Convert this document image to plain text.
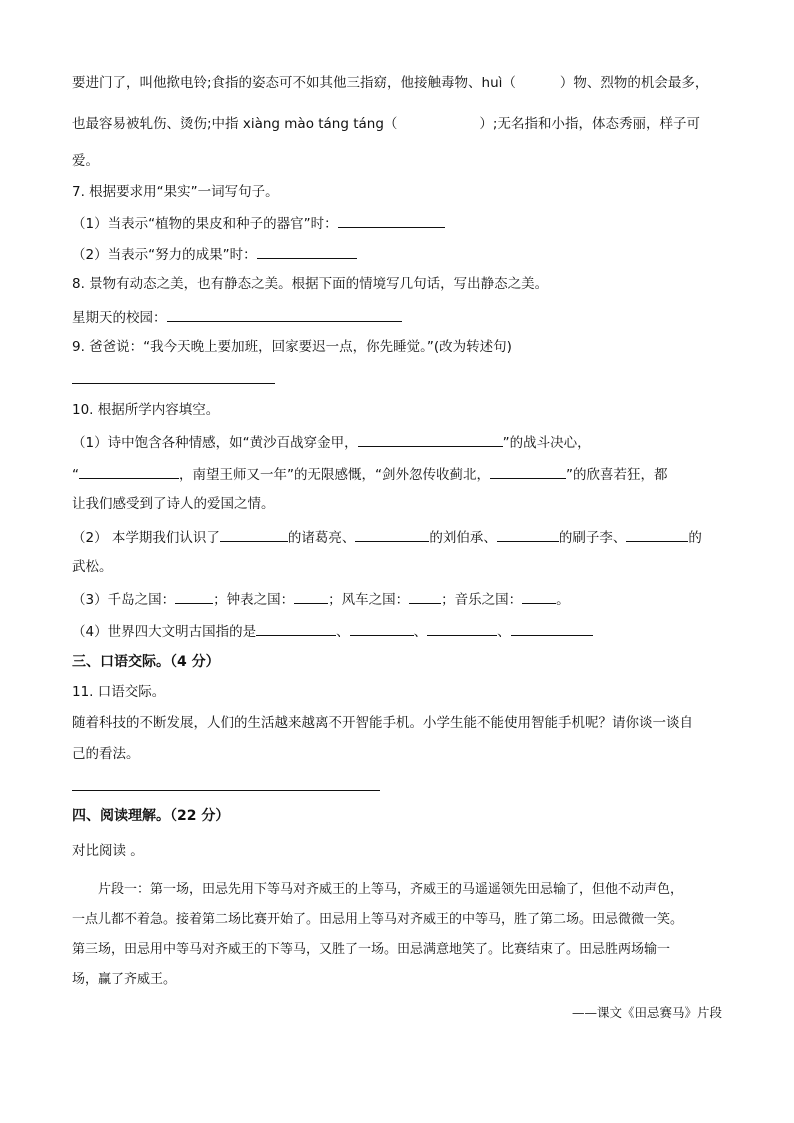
要进门了，叫他揿电铃;食指的姿态可不如其他三指窈，他接触毒物、huì（	）物、烈物的机会最多，
也最容易被轧伤、烫伤;中指 xiàng mào táng táng（	）;无名指和小指，体态秀丽，样子可
爱。
7. 根据要求用“果实”一词写句子。
（1）当表示“植物的果皮和种子的器官”时：
（2）当表示“努力的成果”时：
8. 景物有动态之美，也有静态之美。根据下面的情境写几句话，写出静态之美。
星期天的校园：
9. 爸爸说：“我今天晚上要加班，回家要迟一点，你先睡觉。”(改为转述句)
10. 根据所学内容填空。
（1）诗中饱含各种情感，如“黄沙百战穿金甲，	”的战斗决心，
“	，南望王师又一年”的无限感慨，“剑外忽传收蓟北，	”的欣喜若狂，都
让我们感受到了诗人的爱国之情。
（2） 本学期我们认识了	的诸葛亮、	的刘伯承、	的刷子李、	的
武松。
（3）千岛之国：	；钟表之国：	；风车之国： ；音乐之国：	。
（4）世界四大文明古国指的是	、	、	、
三、口语交际。（4 分）
11. 口语交际。
随着科技的不断发展，人们的生活越来越离不开智能手机。小学生能不能使用智能手机呢？请你谈一谈自
己的看法。
四、阅读理解。（22 分）
对比阅读 。
　　片段一：第一场，田忌先用下等马对齐威王的上等马，齐威王的马遥遥领先田忌输了，但他不动声色，
一点儿都不着急。接着第二场比赛开始了。田忌用上等马对齐威王的中等马，胜了第二场。田忌微微一笑。
第三场，田忌用中等马对齐威王的下等马，又胜了一场。田忌满意地笑了。比赛结束了。田忌胜两场输一
场，赢了齐威王。
——课文《田忌赛马》片段
